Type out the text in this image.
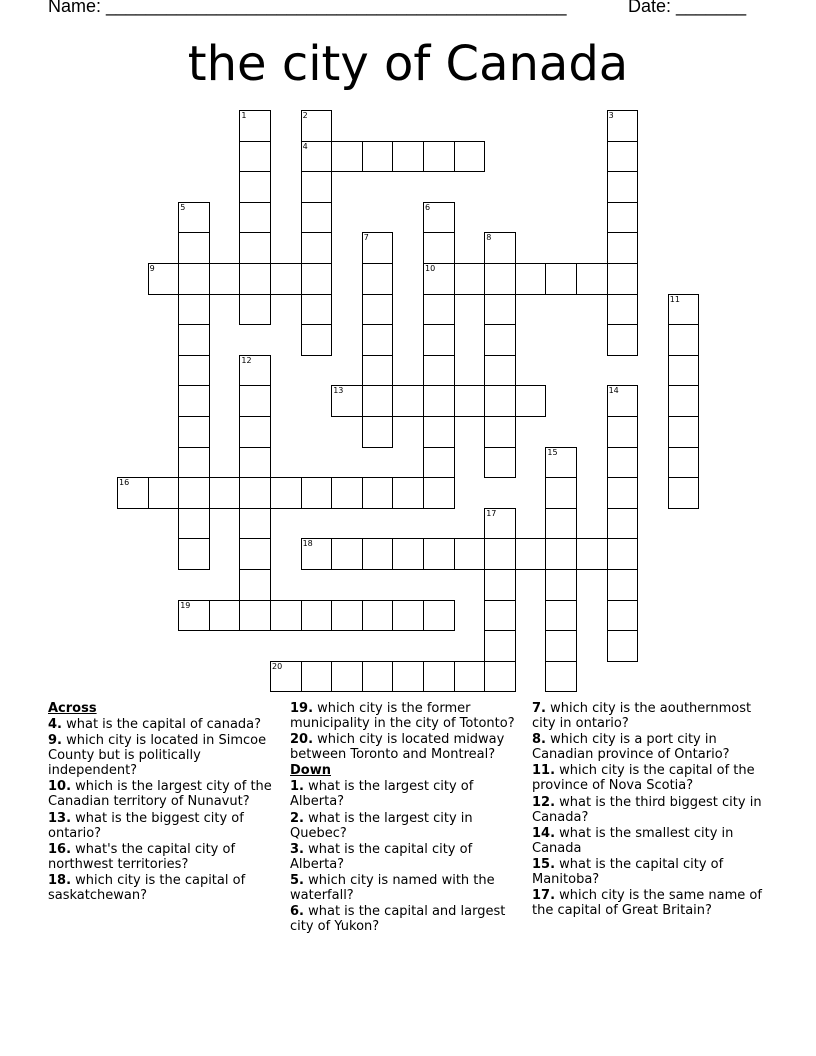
Name: ______________________________________________	Date: _______
the city of Canada
1	2
4
3
5	6
10
7	8
9
11
12
13	14
15
16
17
18
19
20
Across
4. what is the capital of canada?
9. which city is located in Simcoe County but is politically independent?
10. which is the largest city of the Canadian territory of Nunavut?
13. what is the biggest city of ontario?
16. what's the capital city of northwest territories?
18. which city is the capital of saskatchewan?
19. which city is the former municipality in the city of Totonto?
20. which city is located midway between Toronto and Montreal?
Down
1. what is the largest city of Alberta?
2. what is the largest city in Quebec?
3. what is the capital city of Alberta?
5. which city is named with the waterfall?
6. what is the capital and largest city of Yukon?
7. which city is the aouthernmost city in ontario?
8. which city is a port city in Canadian province of Ontario?
11. which city is the capital of the province of Nova Scotia?
12. what is the third biggest city in Canada?
14. what is the smallest city in Canada
15. what is the capital city of Manitoba?
17. which city is the same name of the capital of Great Britain?
